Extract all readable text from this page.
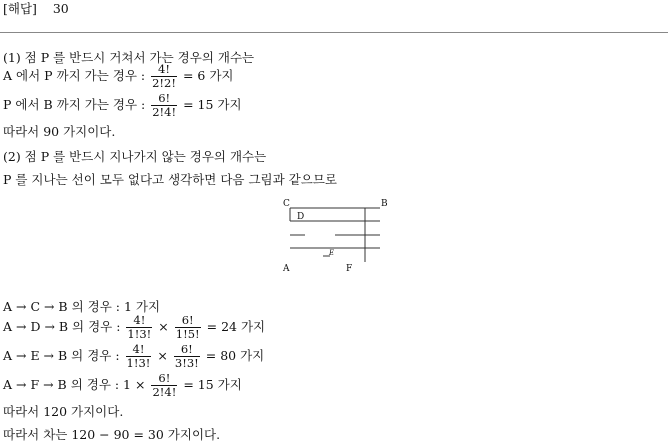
[해답] 30
(1) 점 P 를 반드시 거쳐서 가는 경우의 개수는
A 에서 P 까지 가는 경우 : $\frac{4!}{2!2!} = 6$ 가지
P 에서 B 까지 가는 경우 : $\frac{6!}{2!4!} = 15$ 가지
따라서 90 가지이다.
(2) 점 P 를 반드시 지나가지 않는 경우의 개수는
P 를 지나는 선이 모두 없다고 생각하면 다음 그림과 같으므로
C	B
D
E
A	F
A → C → B 의 경우 : 1 가지
A → D → B 의 경우 : $\frac{4!}{1!3!} \times \frac{6!}{1!5!} = 24$ 가지
A → E → B 의 경우 : $\frac{4!}{1!3!} \times \frac{6!}{3!3!} = 80$ 가지
A → F → B 의 경우 : $1 \times \frac{6!}{2!4!} = 15$ 가지
따라서 120 가지이다.
따라서 차는 120 − 90 = 30 가지이다.
